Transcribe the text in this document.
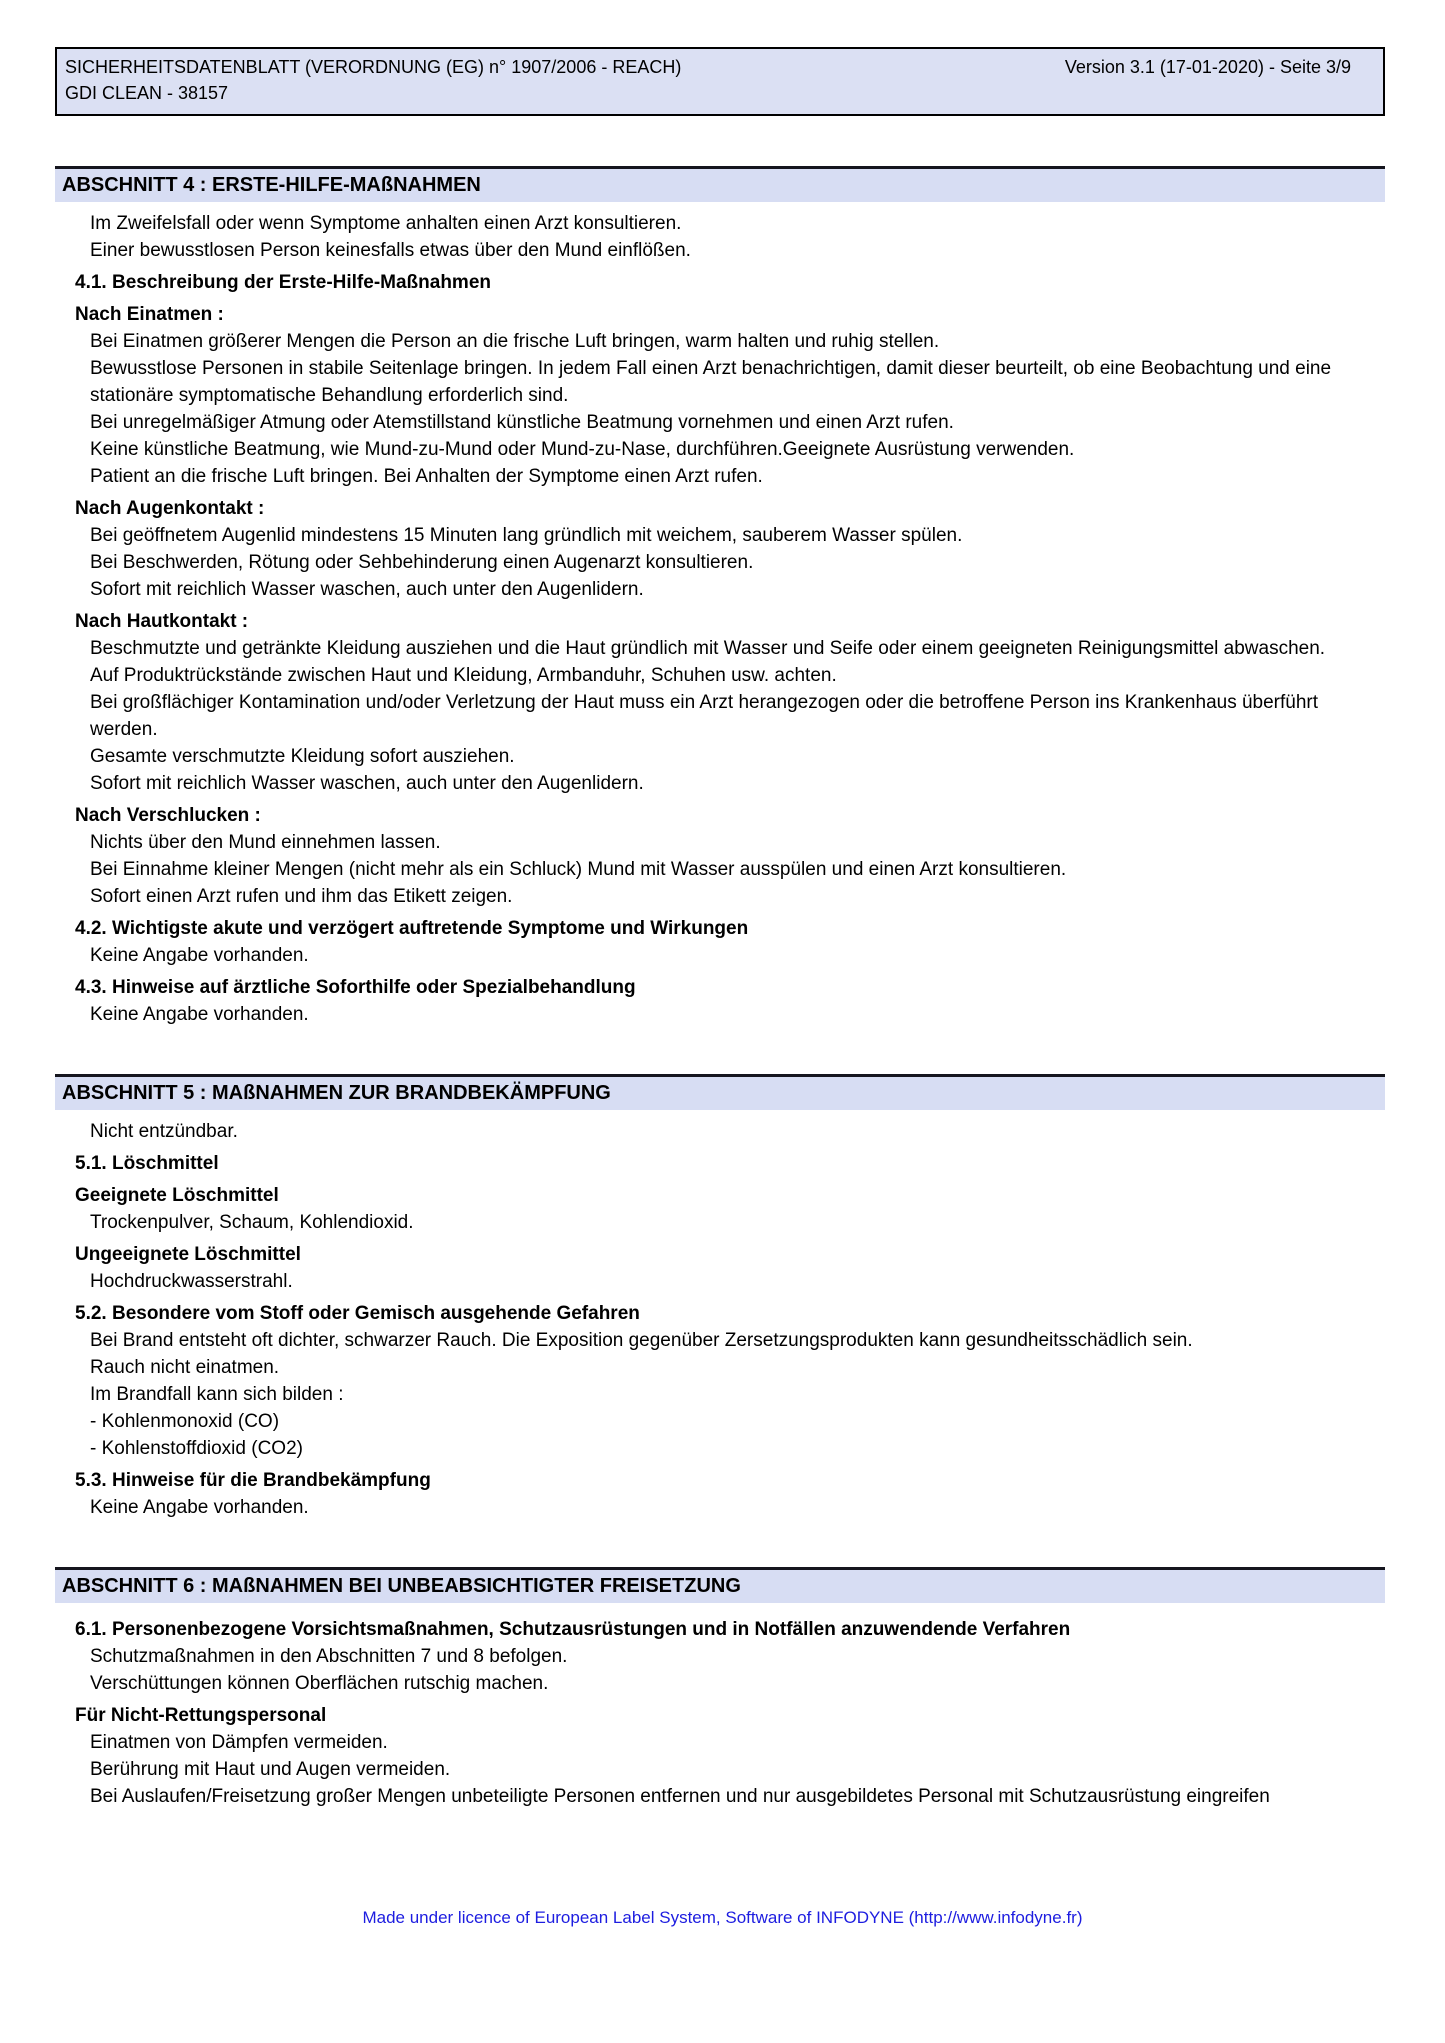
SICHERHEITSDATENBLATT (VERORDNUNG (EG) n° 1907/2006 - REACH)	Version 3.1 (17-01-2020) - Seite 3/9
GDI CLEAN - 38157
ABSCHNITT 4 : ERSTE-HILFE-MAßNAHMEN
Im Zweifelsfall oder wenn Symptome anhalten einen Arzt konsultieren.
Einer bewusstlosen Person keinesfalls etwas über den Mund einflößen.
4.1. Beschreibung der Erste-Hilfe-Maßnahmen
Nach Einatmen :
Bei Einatmen größerer Mengen die Person an die frische Luft bringen, warm halten und ruhig stellen.
Bewusstlose Personen in stabile Seitenlage bringen. In jedem Fall einen Arzt benachrichtigen, damit dieser beurteilt, ob eine Beobachtung und eine stationäre symptomatische Behandlung erforderlich sind.
Bei unregelmäßiger Atmung oder Atemstillstand künstliche Beatmung vornehmen und einen Arzt rufen.
Keine künstliche Beatmung, wie Mund-zu-Mund oder Mund-zu-Nase, durchführen.Geeignete Ausrüstung verwenden.
Patient an die frische Luft bringen. Bei Anhalten der Symptome einen Arzt rufen.
Nach Augenkontakt :
Bei geöffnetem Augenlid mindestens 15 Minuten lang gründlich mit weichem, sauberem Wasser spülen.
Bei Beschwerden, Rötung oder Sehbehinderung einen Augenarzt konsultieren.
Sofort mit reichlich Wasser waschen, auch unter den Augenlidern.
Nach Hautkontakt :
Beschmutzte und getränkte Kleidung ausziehen und die Haut gründlich mit Wasser und Seife oder einem geeigneten Reinigungsmittel abwaschen.
Auf Produktrückstände zwischen Haut und Kleidung, Armbanduhr, Schuhen usw. achten.
Bei großflächiger Kontamination und/oder Verletzung der Haut muss ein Arzt herangezogen oder die betroffene Person ins Krankenhaus überführt werden.
Gesamte verschmutzte Kleidung sofort ausziehen.
Sofort mit reichlich Wasser waschen, auch unter den Augenlidern.
Nach Verschlucken :
Nichts über den Mund einnehmen lassen.
Bei Einnahme kleiner Mengen (nicht mehr als ein Schluck) Mund mit Wasser ausspülen und einen Arzt konsultieren.
Sofort einen Arzt rufen und ihm das Etikett zeigen.
4.2. Wichtigste akute und verzögert auftretende Symptome und Wirkungen
Keine Angabe vorhanden.
4.3. Hinweise auf ärztliche Soforthilfe oder Spezialbehandlung
Keine Angabe vorhanden.
ABSCHNITT 5 : MAßNAHMEN ZUR BRANDBEKÄMPFUNG
Nicht entzündbar.
5.1. Löschmittel
Geeignete Löschmittel
Trockenpulver, Schaum, Kohlendioxid.
Ungeeignete Löschmittel
Hochdruckwasserstrahl.
5.2. Besondere vom Stoff oder Gemisch ausgehende Gefahren
Bei Brand entsteht oft dichter, schwarzer Rauch. Die Exposition gegenüber Zersetzungsprodukten kann gesundheitsschädlich sein.
Rauch nicht einatmen.
Im Brandfall kann sich bilden :
- Kohlenmonoxid (CO)
- Kohlenstoffdioxid (CO2)
5.3. Hinweise für die Brandbekämpfung
Keine Angabe vorhanden.
ABSCHNITT 6 : MAßNAHMEN BEI UNBEABSICHTIGTER FREISETZUNG
6.1. Personenbezogene Vorsichtsmaßnahmen, Schutzausrüstungen und in Notfällen anzuwendende Verfahren
Schutzmaßnahmen in den Abschnitten 7 und 8 befolgen.
Verschüttungen können Oberflächen rutschig machen.
Für Nicht-Rettungspersonal
Einatmen von Dämpfen vermeiden.
Berührung mit Haut und Augen vermeiden.
Bei Auslaufen/Freisetzung großer Mengen unbeteiligte Personen entfernen und nur ausgebildetes Personal mit Schutzausrüstung eingreifen
Made under licence of European Label System, Software of INFODYNE (http://www.infodyne.fr)
